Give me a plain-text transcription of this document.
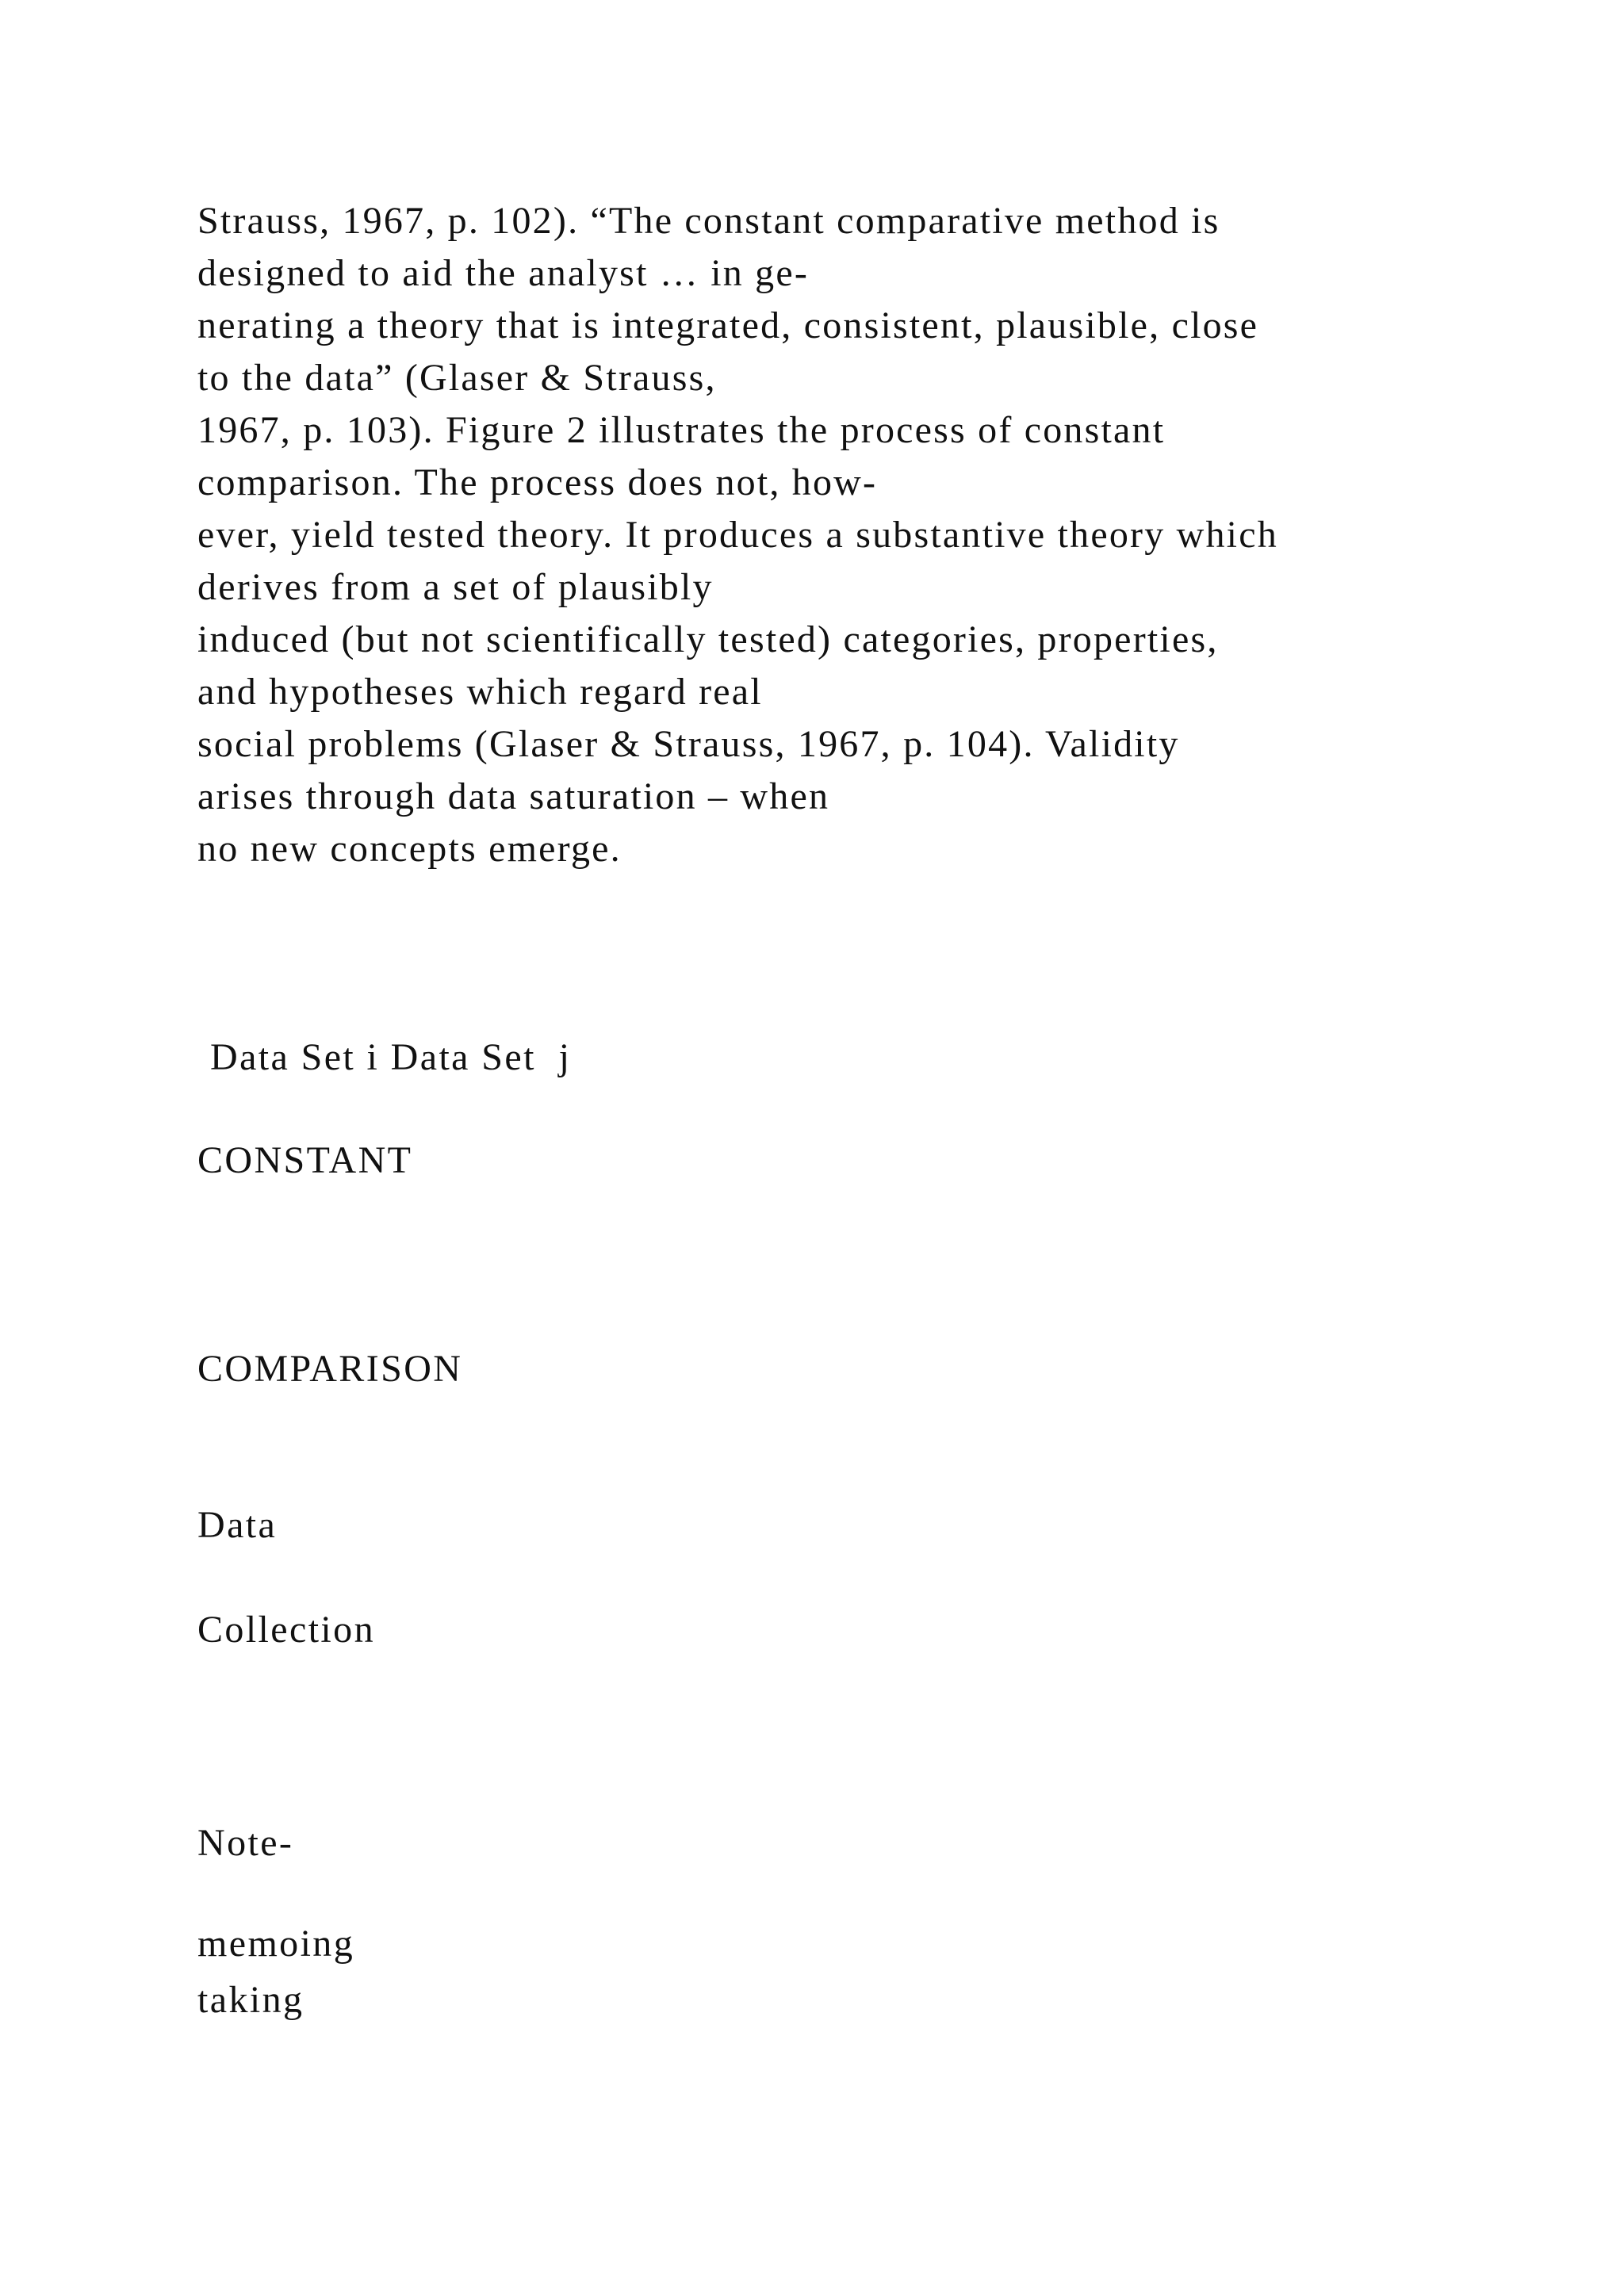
Strauss, 1967, p. 102). “The constant comparative method is
designed to aid the analyst … in ge-
nerating a theory that is integrated, consistent, plausible, close
to the data” (Glaser & Strauss,
1967, p. 103). Figure 2 illustrates the process of constant
comparison. The process does not, how-
ever, yield tested theory. It produces a substantive theory which
derives from a set of plausibly
induced (but not scientifically tested) categories, properties,
and hypotheses which regard real
social problems (Glaser & Strauss, 1967, p. 104). Validity
arises through data saturation – when
no new concepts emerge.

Data Set i Data Set  j

CONSTANT

COMPARISON

Data

Collection

Note-

taking

memoing
